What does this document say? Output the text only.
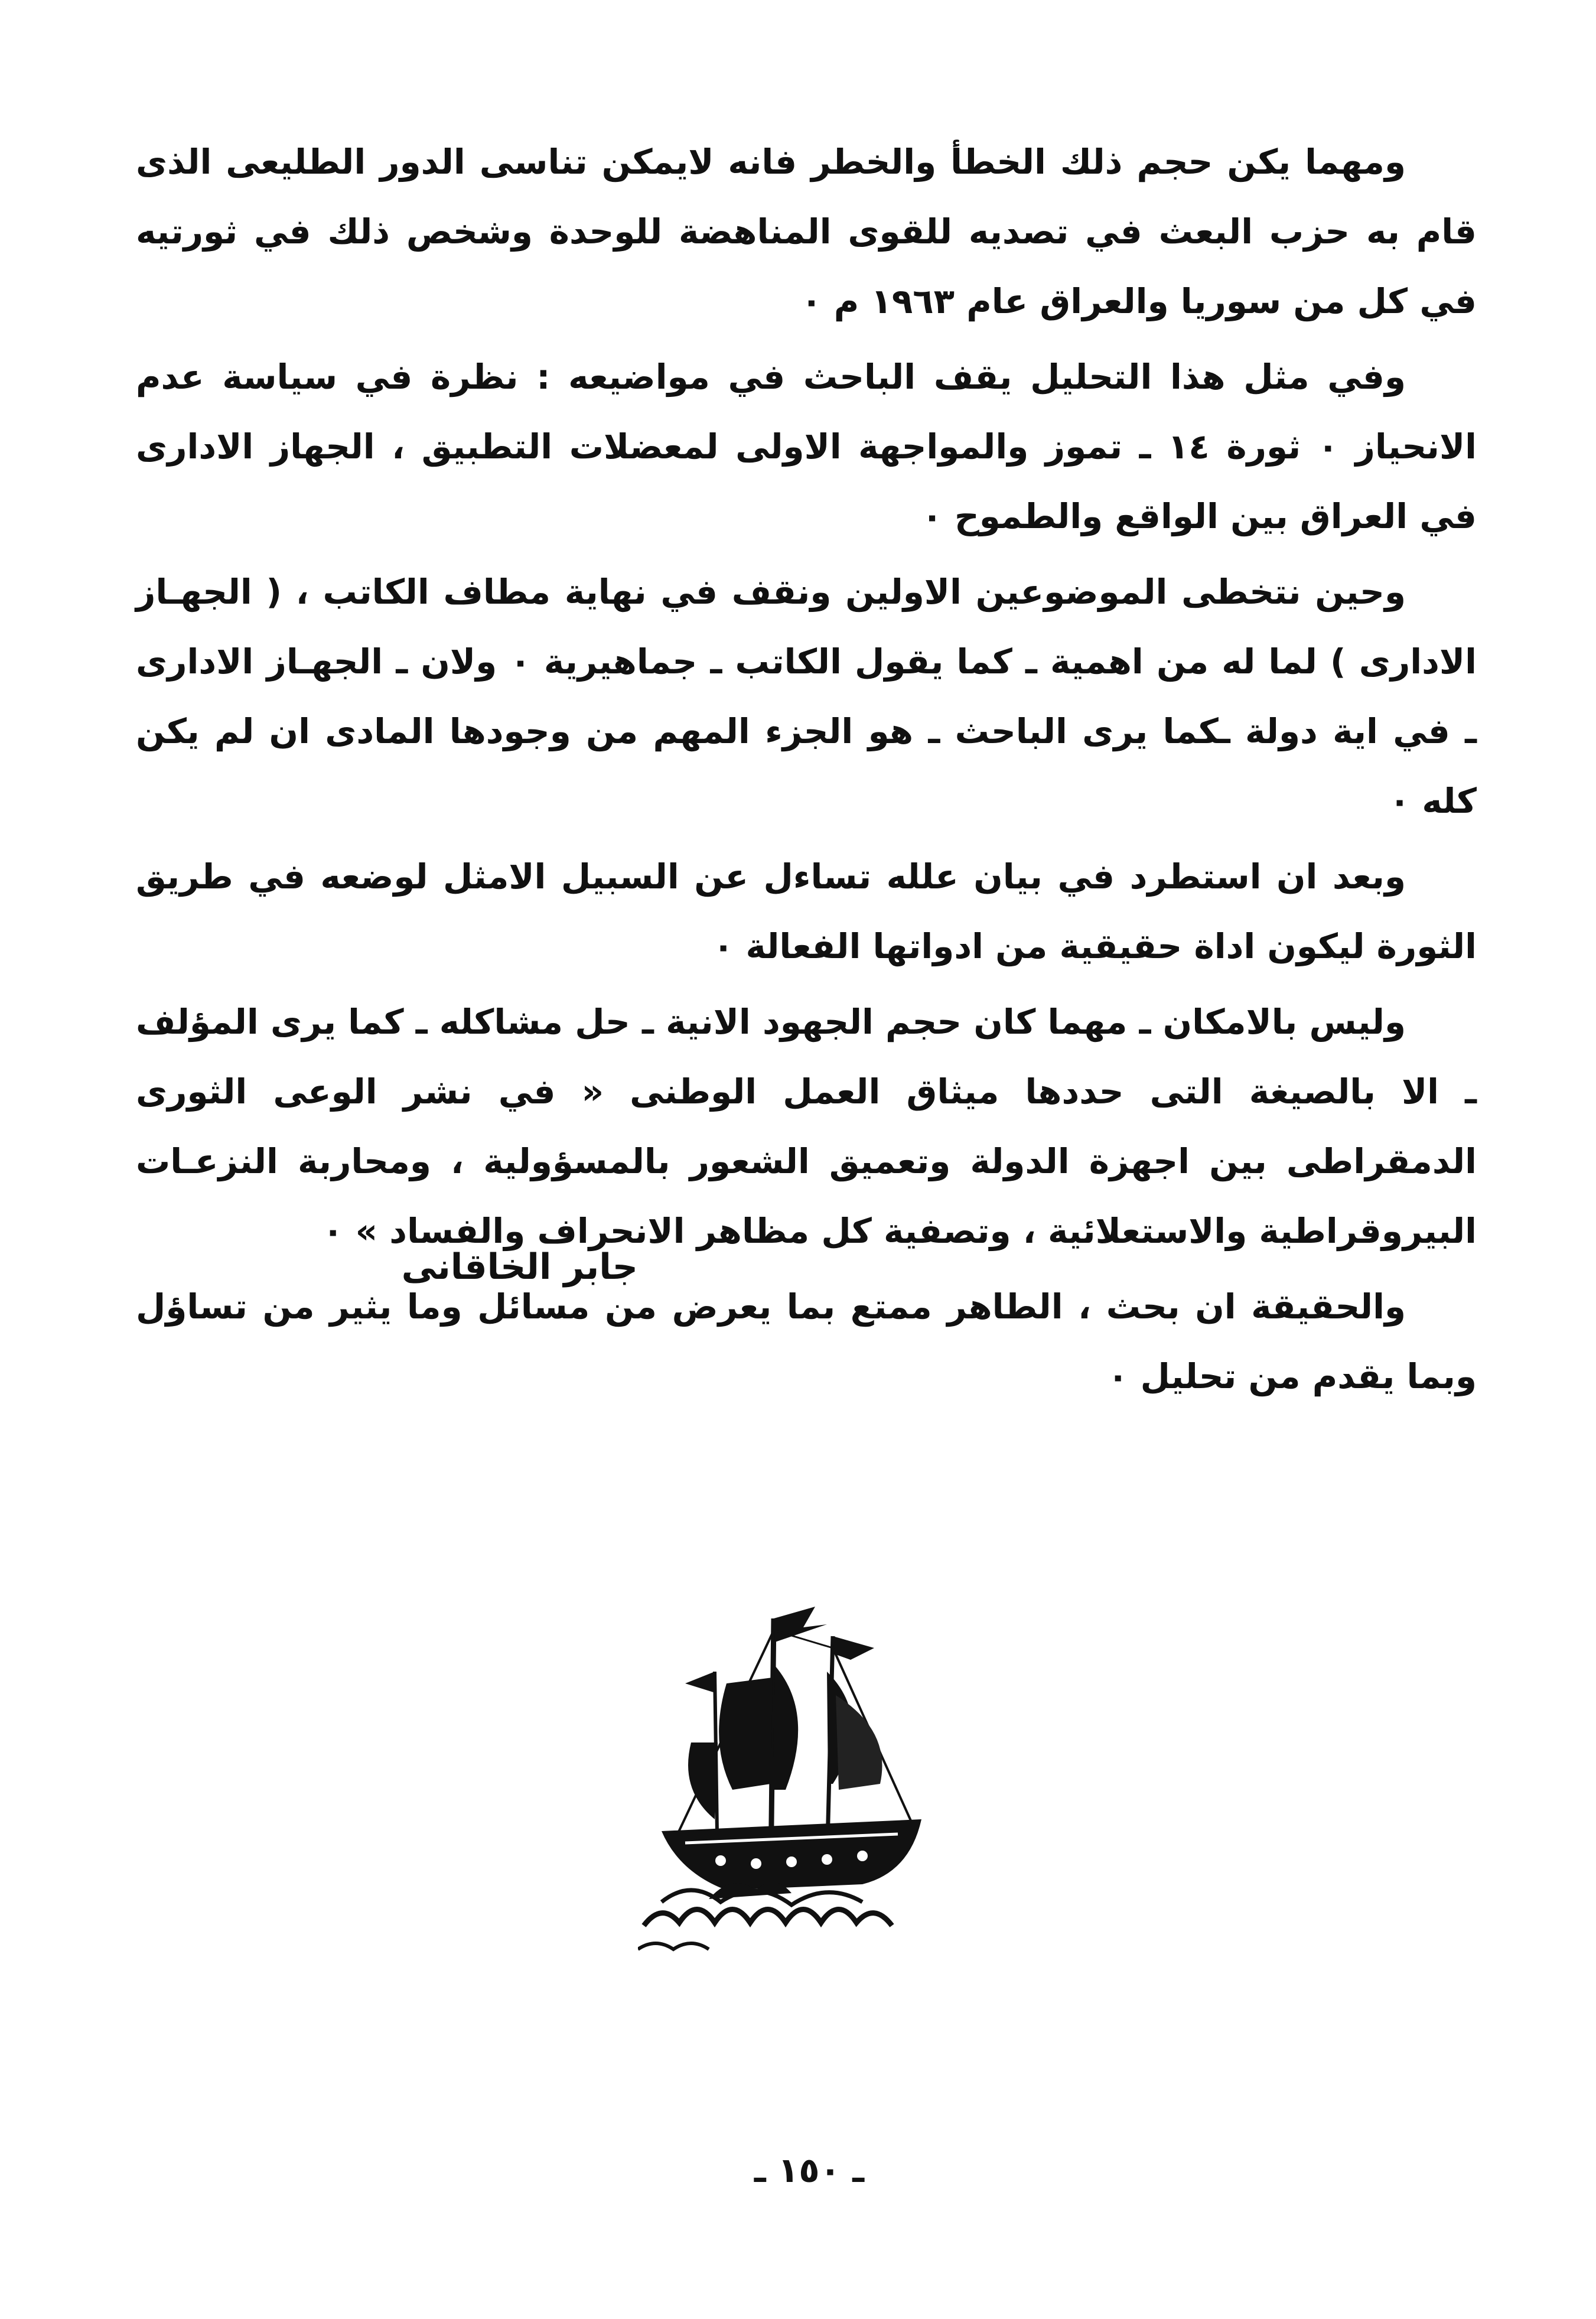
ومهما يكن حجم ذلك الخطأ والخطر فانه لايمكن تناسى الدور الطليعى الذى قام به حزب البعث في تصديه للقوى المناهضة للوحدة وشخص ذلك في ثورتيه في كل من سوريا والعراق عام ١٩٦٣ م ٠

وفي مثل هذا التحليل يقف الباحث في مواضيعه : نظرة في سياسة عدم الانحياز ٠ ثورة ١٤ ـ تموز والمواجهة الاولى لمعضلات التطبيق ، الجهاز الادارى في العراق بين الواقع والطموح ٠

وحين نتخطى الموضوعين الاولين ونقف في نهاية مطاف الكاتب ، ( الجهـاز الادارى ) لما له من اهمية ـ كما يقول الكاتب ـ جماهيرية ٠ ولان ـ الجهـاز الادارى ـ في اية دولة ـكما يرى الباحث ـ هو الجزء المهم من وجودها المادى ان لم يكن كله ٠

وبعد ان استطرد في بيان علله تساءل عن السبيل الامثل لوضعه في طريق الثورة ليكون اداة حقيقية من ادواتها الفعالة ٠

وليس بالامكان ـ مهما كان حجم الجهود الانية ـ حل مشاكله ـ كما يرى المؤلف ـ الا بالصيغة التى حددها ميثاق العمل الوطنى « في نشر الوعى الثورى الدمقراطى بين اجهزة الدولة وتعميق الشعور بالمسؤولية ، ومحاربة النزعـات البيروقراطية والاستعلائية ، وتصفية كل مظاهر الانحراف والفساد » ٠

والحقيقة ان بحث ، الطاهر ممتع بما يعرض من مسائل وما يثير من تساؤل وبما يقدم من تحليل ٠

جابر الخاقانى
ـ ١٥٠ ـ
